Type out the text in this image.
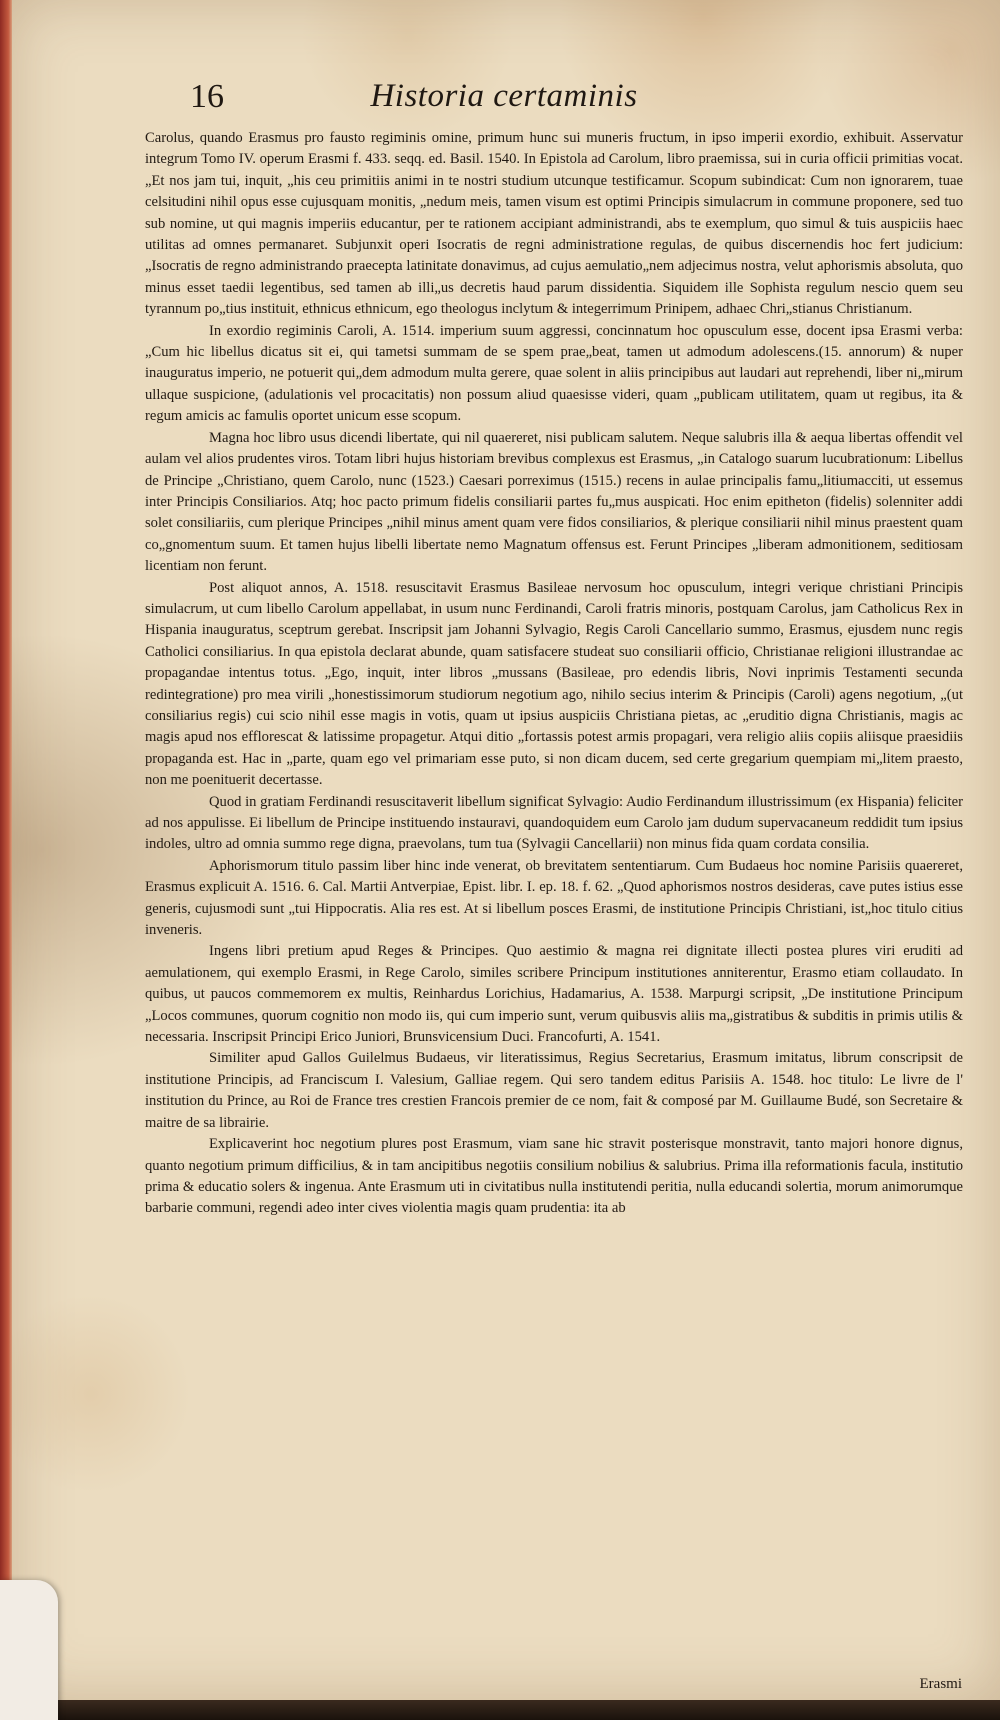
Historia certaminis
16

Carolus, quando Erasmus pro fausto regiminis omine, primum hunc sui muneris fructum, in ipso imperii exordio, exhibuit. Asservatur integrum Tomo IV. operum Erasmi f. 433. seqq. ed. Basil. 1540. In Epistola ad Carolum, libro praemissa, sui in curia officii primitias vocat. „Et nos jam tui, inquit, „his ceu primitiis animi in te nostri studium utcunque testificamur. Scopum subindicat: Cum non ignorarem, tuae celsitudini nihil opus esse cujusquam monitis, „nedum meis, tamen visum est optimi Principis simulacrum in commune proponere, sed tuo sub nomine, ut qui magnis imperiis educantur, per te rationem accipiant administrandi, abs te exemplum, quo simul & tuis auspiciis haec utilitas ad omnes permanaret. Subjunxit operi Isocratis de regni administratione regulas, de quibus discernendis hoc fert judicium: „Isocratis de regno administrando praecepta latinitate donavimus, ad cujus aemulatio„nem adjecimus nostra, velut aphorismis absoluta, quo minus esset taedii legentibus, sed tamen ab illi„us decretis haud parum dissidentia. Siquidem ille Sophista regulum nescio quem seu tyrannum po„tius instituit, ethnicus ethnicum, ego theologus inclytum & integerrimum Prinipem, adhaec Chri„stianus Christianum.

In exordio regiminis Caroli, A. 1514. imperium suum aggressi, concinnatum hoc opusculum esse, docent ipsa Erasmi verba: „Cum hic libellus dicatus sit ei, qui tametsi summam de se spem prae„beat, tamen ut admodum adolescens.(15. annorum) & nuper inauguratus imperio, ne potuerit qui„dem admodum multa gerere, quae solent in aliis principibus aut laudari aut reprehendi, liber ni„mirum ullaque suspicione, (adulationis vel procacitatis) non possum aliud quaesisse videri, quam „publicam utilitatem, quam ut regibus, ita & regum amicis ac famulis oportet unicum esse scopum.

Magna hoc libro usus dicendi libertate, qui nil quaereret, nisi publicam salutem. Neque salubris illa & aequa libertas offendit vel aulam vel alios prudentes viros. Totam libri hujus historiam brevibus complexus est Erasmus, „in Catalogo suarum lucubrationum: Libellus de Principe „Christiano, quem Carolo, nunc (1523.) Caesari porreximus (1515.) recens in aulae principalis famu„litiumacciti, ut essemus inter Principis Consiliarios. Atq; hoc pacto primum fidelis consiliarii partes fu„mus auspicati. Hoc enim epitheton (fidelis) solenniter addi solet consiliariis, cum plerique Principes „nihil minus ament quam vere fidos consiliarios, & plerique consiliarii nihil minus praestent quam co„gnomentum suum. Et tamen hujus libelli libertate nemo Magnatum offensus est. Ferunt Principes „liberam admonitionem, seditiosam licentiam non ferunt.

Post aliquot annos, A. 1518. resuscitavit Erasmus Basileae nervosum hoc opusculum, integri verique christiani Principis simulacrum, ut cum libello Carolum appellabat, in usum nunc Ferdinandi, Caroli fratris minoris, postquam Carolus, jam Catholicus Rex in Hispania inauguratus, sceptrum gerebat. Inscripsit jam Johanni Sylvagio, Regis Caroli Cancellario summo, Erasmus, ejusdem nunc regis Catholici consiliarius. In qua epistola declarat abunde, quam satisfacere studeat suo consiliarii officio, Christianae religioni illustrandae ac propagandae intentus totus. „Ego, inquit, inter libros „mussans (Basileae, pro edendis libris, Novi inprimis Testamenti secunda redintegratione) pro mea virili „honestissimorum studiorum negotium ago, nihilo secius interim & Principis (Caroli) agens negotium, „(ut consiliarius regis) cui scio nihil esse magis in votis, quam ut ipsius auspiciis Christiana pietas, ac „eruditio digna Christianis, magis ac magis apud nos efflorescat & latissime propagetur. Atqui ditio „fortassis potest armis propagari, vera religio aliis copiis aliisque praesidiis propaganda est. Hac in „parte, quam ego vel primariam esse puto, si non dicam ducem, sed certe gregarium quempiam mi„litem praesto, non me poenituerit decertasse.

Quod in gratiam Ferdinandi resuscitaverit libellum significat Sylvagio: Audio Ferdinandum illustrissimum (ex Hispania) feliciter ad nos appulisse. Ei libellum de Principe instituendo instauravi, quandoquidem eum Carolo jam dudum supervacaneum reddidit tum ipsius indoles, ultro ad omnia summo rege digna, praevolans, tum tua (Sylvagii Cancellarii) non minus fida quam cordata consilia.

Aphorismorum titulo passim liber hinc inde venerat, ob brevitatem sententiarum. Cum Budaeus hoc nomine Parisiis quaereret, Erasmus explicuit A. 1516. 6. Cal. Martii Antverpiae, Epist. libr. I. ep. 18. f. 62. „Quod aphorismos nostros desideras, cave putes istius esse generis, cujusmodi sunt „tui Hippocratis. Alia res est. At si libellum posces Erasmi, de institutione Principis Christiani, ist„hoc titulo citius inveneris.

Ingens libri pretium apud Reges & Principes. Quo aestimio & magna rei dignitate illecti postea plures viri eruditi ad aemulationem, qui exemplo Erasmi, in Rege Carolo, similes scribere Principum institutiones anniterentur, Erasmo etiam collaudato. In quibus, ut paucos commemorem ex multis, Reinhardus Lorichius, Hadamarius, A. 1538. Marpurgi scripsit, „De institutione Principum „Locos communes, quorum cognitio non modo iis, qui cum imperio sunt, verum quibusvis aliis ma„gistratibus & subditis in primis utilis & necessaria. Inscripsit Principi Erico Juniori, Brunsvicensium Duci. Francofurti, A. 1541.

Similiter apud Gallos Guilelmus Budaeus, vir literatissimus, Regius Secretarius, Erasmum imitatus, librum conscripsit de institutione Principis, ad Franciscum I. Valesium, Galliae regem. Qui sero tandem editus Parisiis A. 1548. hoc titulo: Le livre de l' institution du Prince, au Roi de France tres crestien Francois premier de ce nom, fait & composé par M. Guillaume Budé, son Secretaire & maitre de sa librairie.

Explicaverint hoc negotium plures post Erasmum, viam sane hic stravit posterisque monstravit, tanto majori honore dignus, quanto negotium primum difficilius, & in tam ancipitibus negotiis consilium nobilius & salubrius. Prima illa reformationis facula, institutio prima & educatio solers & ingenua. Ante Erasmum uti in civitatibus nulla institutendi peritia, nulla educandi solertia, morum animorumque barbarie communi, regendi adeo inter cives violentia magis quam prudentia: ita ab

Erasmi
